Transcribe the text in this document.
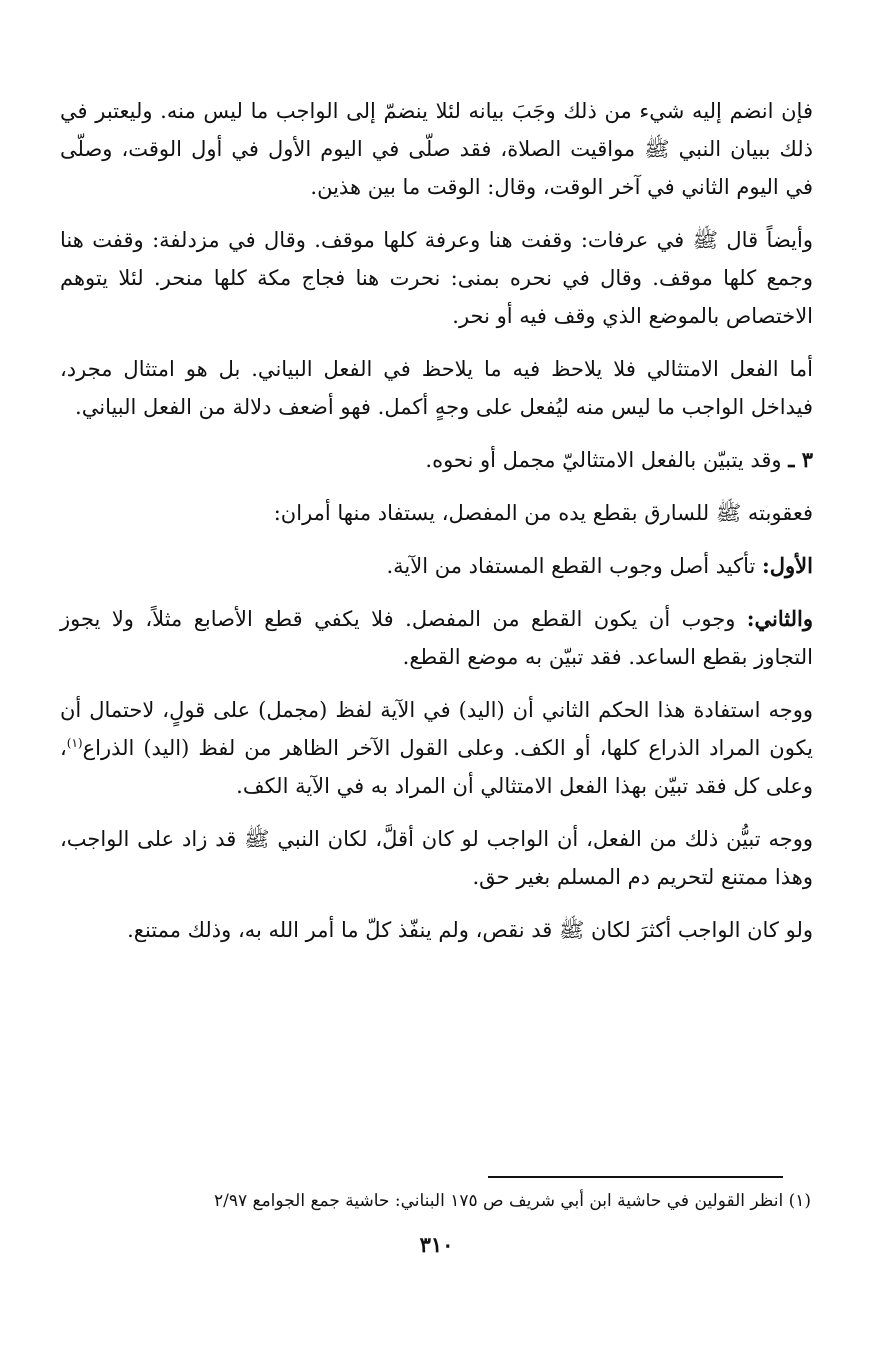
فإن انضم إليه شيء من ذلك وجَبَ بيانه لئلا ينضمّ إلى الواجب ما ليس منه. وليعتبر في ذلك ببيان النبي ﷺ مواقيت الصلاة، فقد صلّى في اليوم الأول في أول الوقت، وصلّى في اليوم الثاني في آخر الوقت، وقال: الوقت ما بين هذين.

وأيضاً قال ﷺ في عرفات: وقفت هنا وعرفة كلها موقف. وقال في مزدلفة: وقفت هنا وجمع كلها موقف. وقال في نحره بمنى: نحرت هنا فجاج مكة كلها منحر. لئلا يتوهم الاختصاص بالموضع الذي وقف فيه أو نحر.

أما الفعل الامتثالي فلا يلاحظ فيه ما يلاحظ في الفعل البياني. بل هو امتثال مجرد، فيداخل الواجب ما ليس منه ليُفعل على وجهٍ أكمل. فهو أضعف دلالة من الفعل البياني.

٣ ـ وقد يتبيّن بالفعل الامتثاليّ مجمل أو نحوه.

فعقوبته ﷺ للسارق بقطع يده من المفصل، يستفاد منها أمران:

الأول: تأكيد أصل وجوب القطع المستفاد من الآية.

والثاني: وجوب أن يكون القطع من المفصل. فلا يكفي قطع الأصابع مثلاً، ولا يجوز التجاوز بقطع الساعد. فقد تبيّن به موضع القطع.

ووجه استفادة هذا الحكم الثاني أن (اليد) في الآية لفظ (مجمل) على قولٍ، لاحتمال أن يكون المراد الذراع كلها، أو الكف. وعلى القول الآخر الظاهر من لفظ (اليد) الذراع$^{(١)}$، وعلى كل فقد تبيّن بهذا الفعل الامتثالي أن المراد به في الآية الكف.

ووجه تبيُّن ذلك من الفعل، أن الواجب لو كان أقلَّ، لكان النبي ﷺ قد زاد على الواجب، وهذا ممتنع لتحريم دم المسلم بغير حق.

ولو كان الواجب أكثرَ لكان ﷺ قد نقص، ولم ينفّذ كلّ ما أمر الله به، وذلك ممتنع.

(١) انظر القولين في حاشية ابن أبي شريف ص ١٧٥ البناني: حاشية جمع الجوامع ٢/٩٧
٣١٠
